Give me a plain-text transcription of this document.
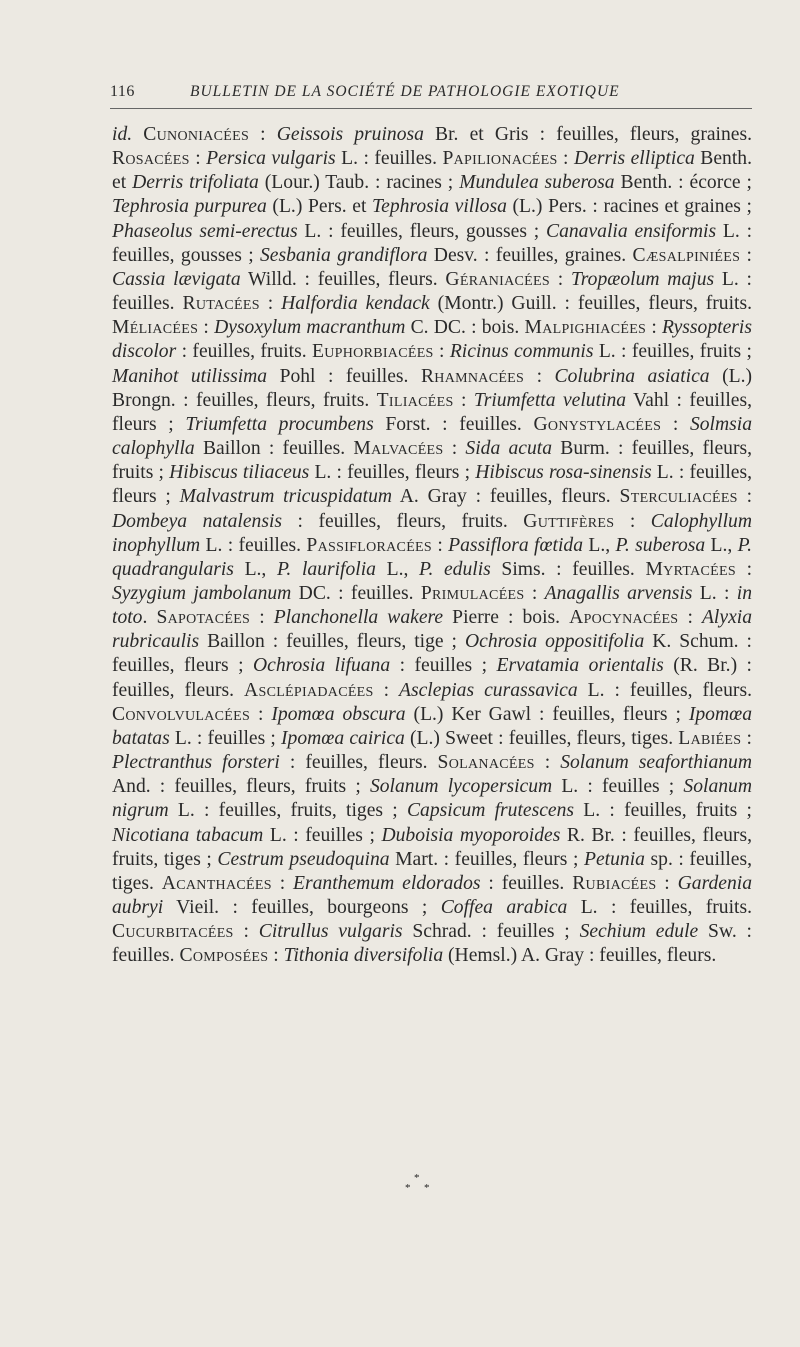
116	BULLETIN DE LA SOCIÉTÉ DE PATHOLOGIE EXOTIQUE
id. Cunoniacées : Geissois pruinosa Br. et Gris : feuilles, fleurs, graines. Rosacées : Persica vulgaris L. : feuilles. Papilionacées : Derris elliptica Benth. et Derris trifoliata (Lour.) Taub. : racines ; Mundulea suberosa Benth. : écorce ; Tephrosia purpurea (L.) Pers. et Tephrosia villosa (L.) Pers. : racines et graines ; Phaseolus semi-erectus L. : feuilles, fleurs, gousses ; Canavalia ensiformis L. : feuilles, gousses ; Sesbania grandiflora Desv. : feuilles, graines. Cæsalpiniées : Cassia lævigata Willd. : feuilles, fleurs. Géraniacées : Tropæolum majus L. : feuilles. Rutacées : Halfordia kendack (Montr.) Guill. : feuilles, fleurs, fruits. Méliacées : Dysoxylum macranthum C. DC. : bois. Malpighiacées : Ryssopteris discolor : feuilles, fruits. Euphorbiacées : Ricinus communis L. : feuilles, fruits ; Manihot utilissima Pohl : feuilles. Rhamnacées : Colubrina asiatica (L.) Brongn. : feuilles, fleurs, fruits. Tiliacées : Triumfetta velutina Vahl : feuilles, fleurs ; Triumfetta procumbens Forst. : feuilles. Gonystylacées : Solmsia calophylla Baillon : feuilles. Malvacées : Sida acuta Burm. : feuilles, fleurs, fruits ; Hibiscus tiliaceus L. : feuilles, fleurs ; Hibiscus rosa-sinensis L. : feuilles, fleurs ; Malvastrum tricuspidatum A. Gray : feuilles, fleurs. Sterculiacées : Dombeya natalensis : feuilles, fleurs, fruits. Guttifères : Calophyllum inophyllum L. : feuilles. Passifloracées : Passiflora fœtida L., P. suberosa L., P. quadrangularis L., P. laurifolia L., P. edulis Sims. : feuilles. Myrtacées : Syzygium jambolanum DC. : feuilles. Primulacées : Anagallis arvensis L. : in toto. Sapotacées : Planchonella wakere Pierre : bois. Apocynacées : Alyxia rubricaulis Baillon : feuilles, fleurs, tige ; Ochrosia oppositifolia K. Schum. : feuilles, fleurs ; Ochrosia lifuana : feuilles ; Ervatamia orientalis (R. Br.) : feuilles, fleurs. Asclépiadacées : Asclepias curassavica L. : feuilles, fleurs. Convolvulacées : Ipomœa obscura (L.) Ker Gawl : feuilles, fleurs ; Ipomœa batatas L. : feuilles ; Ipomœa cairica (L.) Sweet : feuilles, fleurs, tiges. Labiées : Plectranthus forsteri : feuilles, fleurs. Solanacées : Solanum seaforthianum And. : feuilles, fleurs, fruits ; Solanum lycopersicum L. : feuilles ; Solanum nigrum L. : feuilles, fruits, tiges ; Capsicum frutescens L. : feuilles, fruits ; Nicotiana tabacum L. : feuilles ; Duboisia myoporoides R. Br. : feuilles, fleurs, fruits, tiges ; Cestrum pseudoquina Mart. : feuilles, fleurs ; Petunia sp. : feuilles, tiges. Acanthacées : Eranthemum eldorados : feuilles. Rubiacées : Gardenia aubryi Vieil. : feuilles, bourgeons ; Coffea arabica L. : feuilles, fruits. Cucurbitacées : Citrullus vulgaris Schrad. : feuilles ; Sechium edule Sw. : feuilles. Composées : Tithonia diversifolia (Hemsl.) A. Gray : feuilles, fleurs.
*
* *
